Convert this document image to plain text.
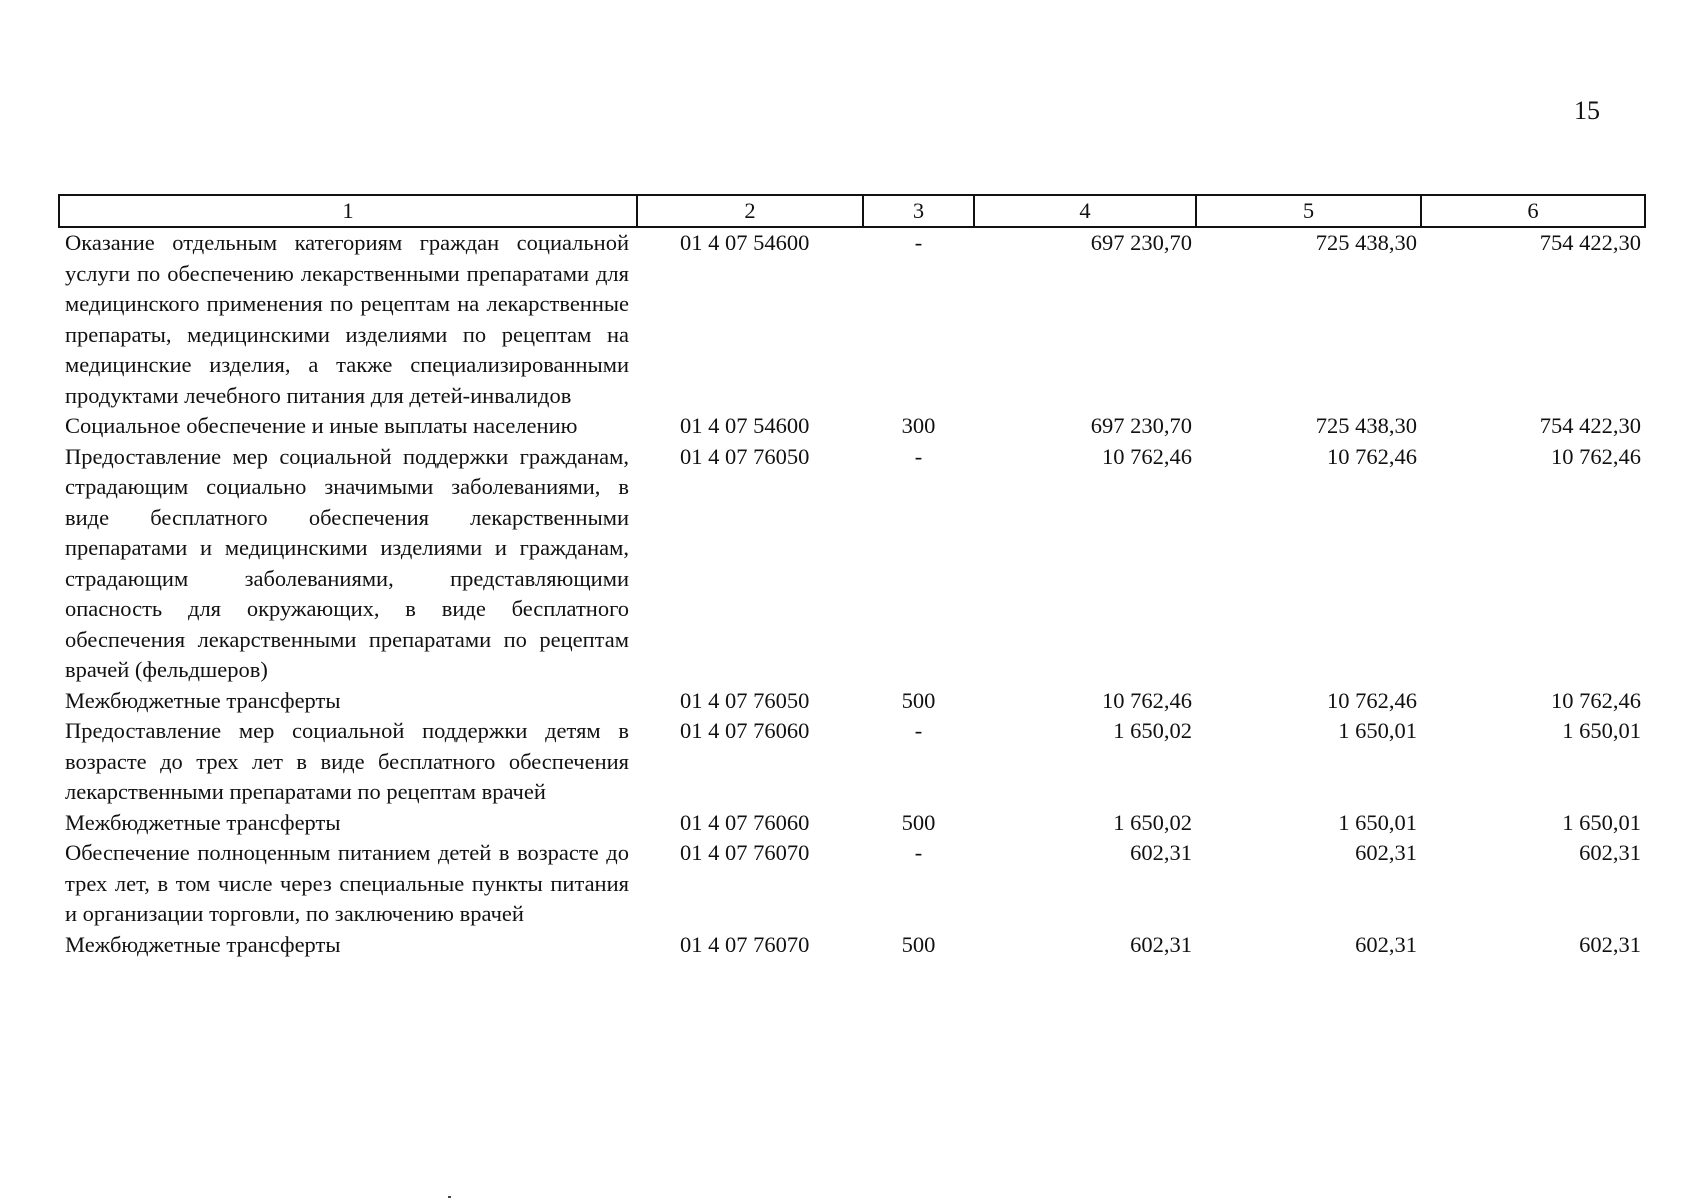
15
1	2	3	4	5	6
Оказание отдельным категориям граждан социальной услуги по обеспечению лекарственными препаратами для медицинского применения по рецептам на лекарственные препараты, медицинскими изделиями по рецептам на медицинские изделия, а также специализированными продуктами лечебного питания для детей-инвалидов	01 4 07 54600	-	697 230,70	725 438,30	754 422,30
Социальное обеспечение и иные выплаты населению	01 4 07 54600	300	697 230,70	725 438,30	754 422,30
Предоставление мер социальной поддержки гражданам, страдающим социально значимыми заболеваниями, в виде бесплатного обеспечения лекарственными препаратами и медицинскими изделиями и гражданам, страдающим заболеваниями, представляющими опасность для окружающих, в виде бесплатного обеспечения лекарственными препаратами по рецептам врачей (фельдшеров)	01 4 07 76050	-	10 762,46	10 762,46	10 762,46
Межбюджетные трансферты	01 4 07 76050	500	10 762,46	10 762,46	10 762,46
Предоставление мер социальной поддержки детям в возрасте до трех лет в виде бесплатного обеспечения лекарственными препаратами по рецептам врачей	01 4 07 76060	-	1 650,02	1 650,01	1 650,01
Межбюджетные трансферты	01 4 07 76060	500	1 650,02	1 650,01	1 650,01
Обеспечение полноценным питанием детей в возрасте до трех лет, в том числе через специальные пункты питания и организации торговли, по заключению врачей	01 4 07 76070	-	602,31	602,31	602,31
Межбюджетные трансферты	01 4 07 76070	500	602,31	602,31	602,31
